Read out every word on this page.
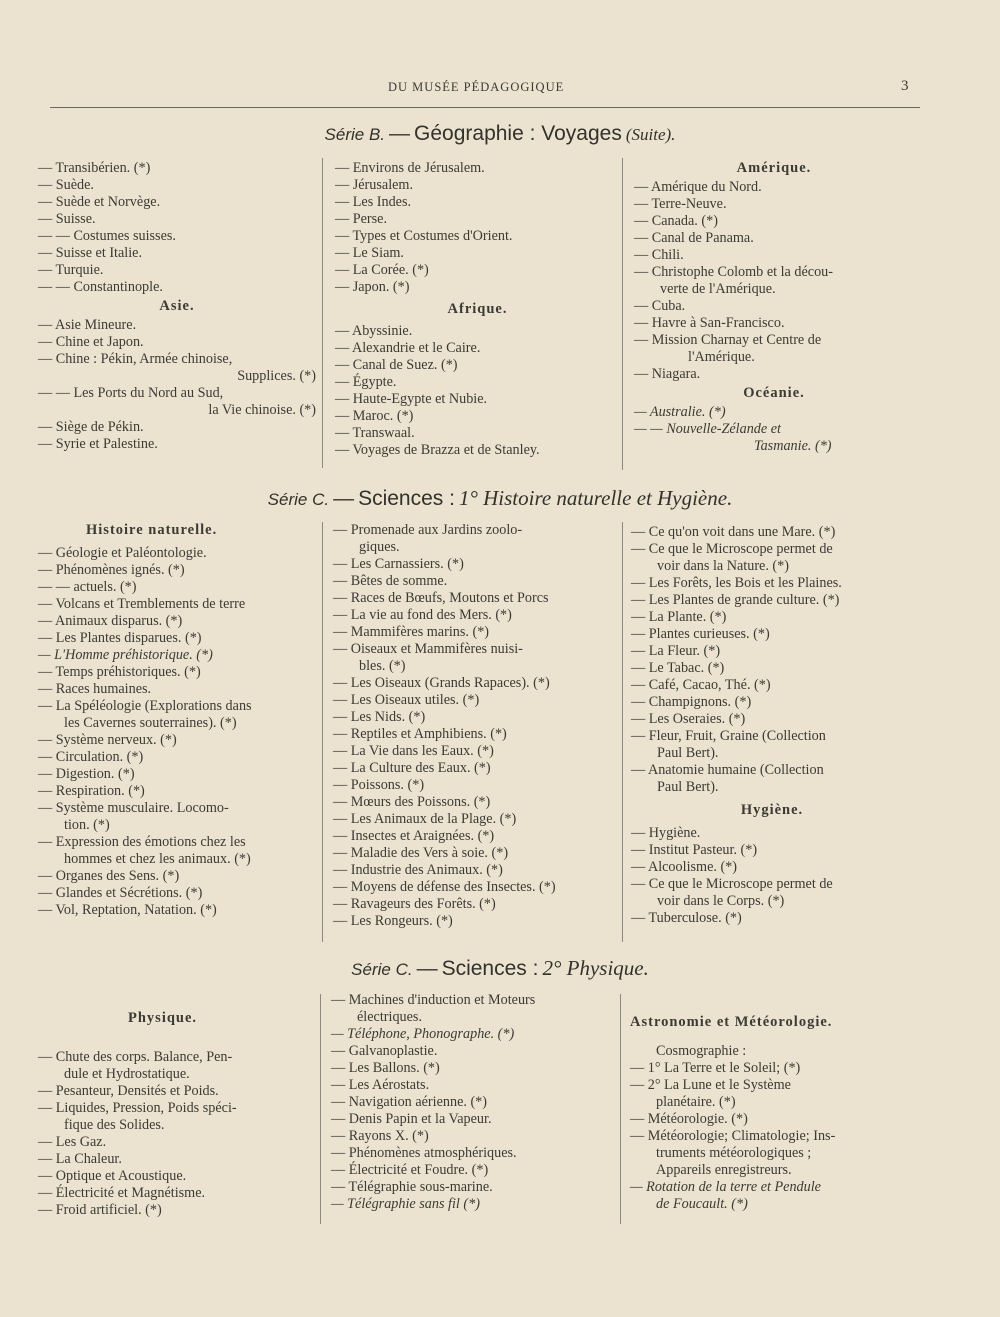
DU MUSÉE PÉDAGOGIQUE	3
Série B. — Géographie : Voyages (Suite).
— Transibérien. (*)
— Suède.
— Suède et Norvège.
— Suisse.
— — Costumes suisses.
— Suisse et Italie.
— Turquie.
— — Constantinople.
Asie.
— Asie Mineure.
— Chine et Japon.
— Chine : Pékin, Armée chinoise,
Supplices. (*)
— — Les Ports du Nord au Sud,
la Vie chinoise. (*)
— Siège de Pékin.
— Syrie et Palestine.
— Environs de Jérusalem.
— Jérusalem.
— Les Indes.
— Perse.
— Types et Costumes d'Orient.
— Le Siam.
— La Corée. (*)
— Japon. (*)
Afrique.
— Abyssinie.
— Alexandrie et le Caire.
— Canal de Suez. (*)
— Égypte.
— Haute-Egypte et Nubie.
— Maroc. (*)
— Transwaal.
— Voyages de Brazza et de Stanley.
Amérique.
— Amérique du Nord.
— Terre-Neuve.
— Canada. (*)
— Canal de Panama.
— Chili.
— Christophe Colomb et la décou-
verte de l'Amérique.
— Cuba.
— Havre à San-Francisco.
— Mission Charnay et Centre de
l'Amérique.
— Niagara.
Océanie.
— Australie. (*)
— — Nouvelle-Zélande et
Tasmanie. (*)
Série C. — Sciences : 1° Histoire naturelle et Hygiène.
Histoire naturelle.
— Géologie et Paléontologie.
— Phénomènes ignés. (*)
— — actuels. (*)
— Volcans et Tremblements de terre
— Animaux disparus. (*)
— Les Plantes disparues. (*)
— L'Homme préhistorique. (*)
— Temps préhistoriques. (*)
— Races humaines.
— La Spéléologie (Explorations dans
les Cavernes souterraines). (*)
— Système nerveux. (*)
— Circulation. (*)
— Digestion. (*)
— Respiration. (*)
— Système musculaire. Locomo-
tion. (*)
— Expression des émotions chez les
hommes et chez les animaux. (*)
— Organes des Sens. (*)
— Glandes et Sécrétions. (*)
— Vol, Reptation, Natation. (*)
— Promenade aux Jardins zoolo-
giques.
— Les Carnassiers. (*)
— Bêtes de somme.
— Races de Bœufs, Moutons et Porcs
— La vie au fond des Mers. (*)
— Mammifères marins. (*)
— Oiseaux et Mammifères nuisi-
bles. (*)
— Les Oiseaux (Grands Rapaces). (*)
— Les Oiseaux utiles. (*)
— Les Nids. (*)
— Reptiles et Amphibiens. (*)
— La Vie dans les Eaux. (*)
— La Culture des Eaux. (*)
— Poissons. (*)
— Mœurs des Poissons. (*)
— Les Animaux de la Plage. (*)
— Insectes et Araignées. (*)
— Maladie des Vers à soie. (*)
— Industrie des Animaux. (*)
— Moyens de défense des Insectes. (*)
— Ravageurs des Forêts. (*)
— Les Rongeurs. (*)
— Ce qu'on voit dans une Mare. (*)
— Ce que le Microscope permet de
voir dans la Nature. (*)
— Les Forêts, les Bois et les Plaines.
— Les Plantes de grande culture. (*)
— La Plante. (*)
— Plantes curieuses. (*)
— La Fleur. (*)
— Le Tabac. (*)
— Café, Cacao, Thé. (*)
— Champignons. (*)
— Les Oseraies. (*)
— Fleur, Fruit, Graine (Collection
Paul Bert).
— Anatomie humaine (Collection
Paul Bert).
Hygiène.
— Hygiène.
— Institut Pasteur. (*)
— Alcoolisme. (*)
— Ce que le Microscope permet de
voir dans le Corps. (*)
— Tuberculose. (*)
Série C. — Sciences : 2° Physique.
Physique.
— Chute des corps. Balance, Pen-
dule et Hydrostatique.
— Pesanteur, Densités et Poids.
— Liquides, Pression, Poids spéci-
fique des Solides.
— Les Gaz.
— La Chaleur.
— Optique et Acoustique.
— Électricité et Magnétisme.
— Froid artificiel. (*)
— Machines d'induction et Moteurs
électriques.
— Téléphone, Phonographe. (*)
— Galvanoplastie.
— Les Ballons. (*)
— Les Aérostats.
— Navigation aérienne. (*)
— Denis Papin et la Vapeur.
— Rayons X. (*)
— Phénomènes atmosphériques.
— Électricité et Foudre. (*)
— Télégraphie sous-marine.
— Télégraphie sans fil (*)
Astronomie et Météorologie.
Cosmographie :
— 1° La Terre et le Soleil; (*)
— 2° La Lune et le Système
planétaire. (*)
— Météorologie. (*)
— Météorologie; Climatologie; Ins-
truments météorologiques ;
Appareils enregistreurs.
— Rotation de la terre et Pendule
de Foucault. (*)
